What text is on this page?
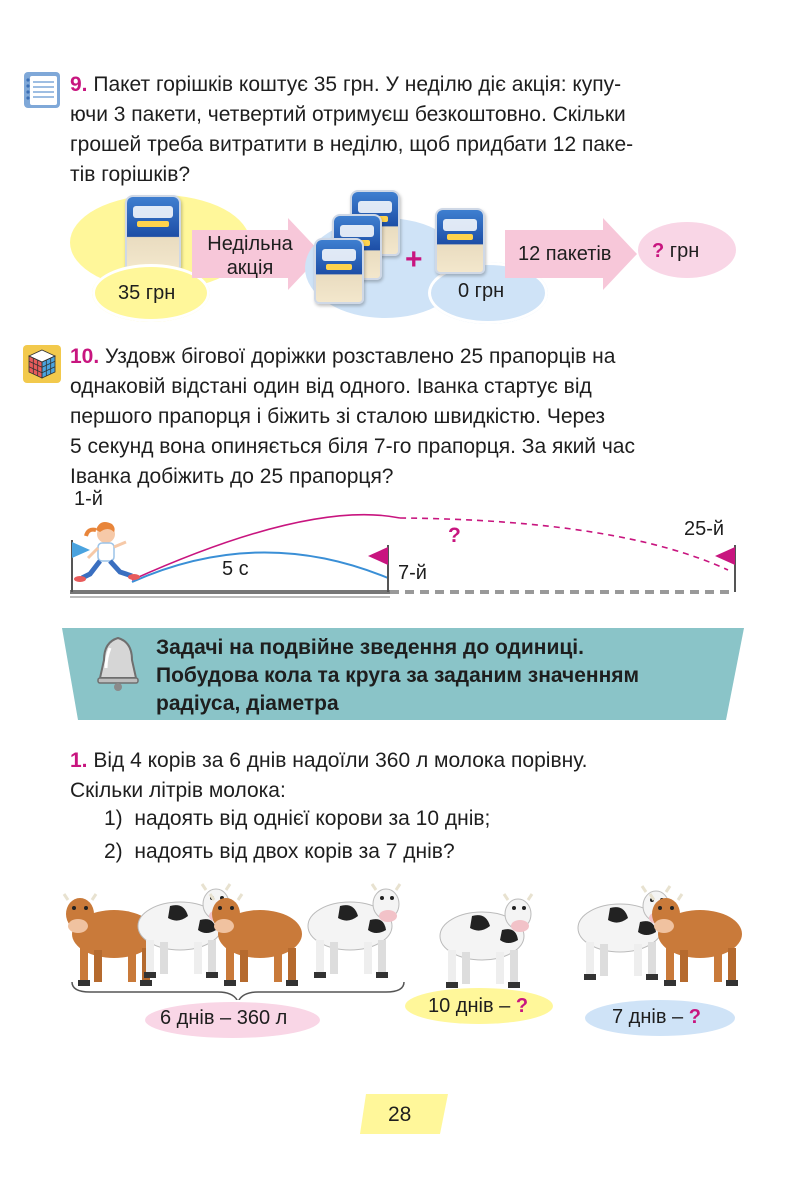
9. Пакет горішків коштує 35 грн. У неділю діє акція: купу-
ючи 3 пакети, четвертий отримуєш безкоштовно. Скільки
грошей треба витратити в неділю, щоб придбати 12 паке-
тів горішків?
35 грн
Недільна
акція	+
0 грн
12 пакетів ? грн
10. Уздовж бігової доріжки розставлено 25 прапорців на
однаковій відстані один від одного. Іванка стартує від
першого прапорця і біжить зі сталою швидкістю. Через
5 секунд вона опиняється біля 7-го прапорця. За який час
Іванка добіжить до 25 прапорця?
1-й
25-й
7-й
5 с
?
Задачі на подвійне зведення до одиниці.
Побудова кола та круга за заданим значенням
радіуса, діаметра
1. Від 4 корів за 6 днів надоїли 360 л молока порівну.
Скільки літрів молока:
1) надоять від однієї корови за 10 днів;
2) надоять від двох корів за 7 днів?
6 днів – 360 л
10 днів – ?	7 днів – ?
28
